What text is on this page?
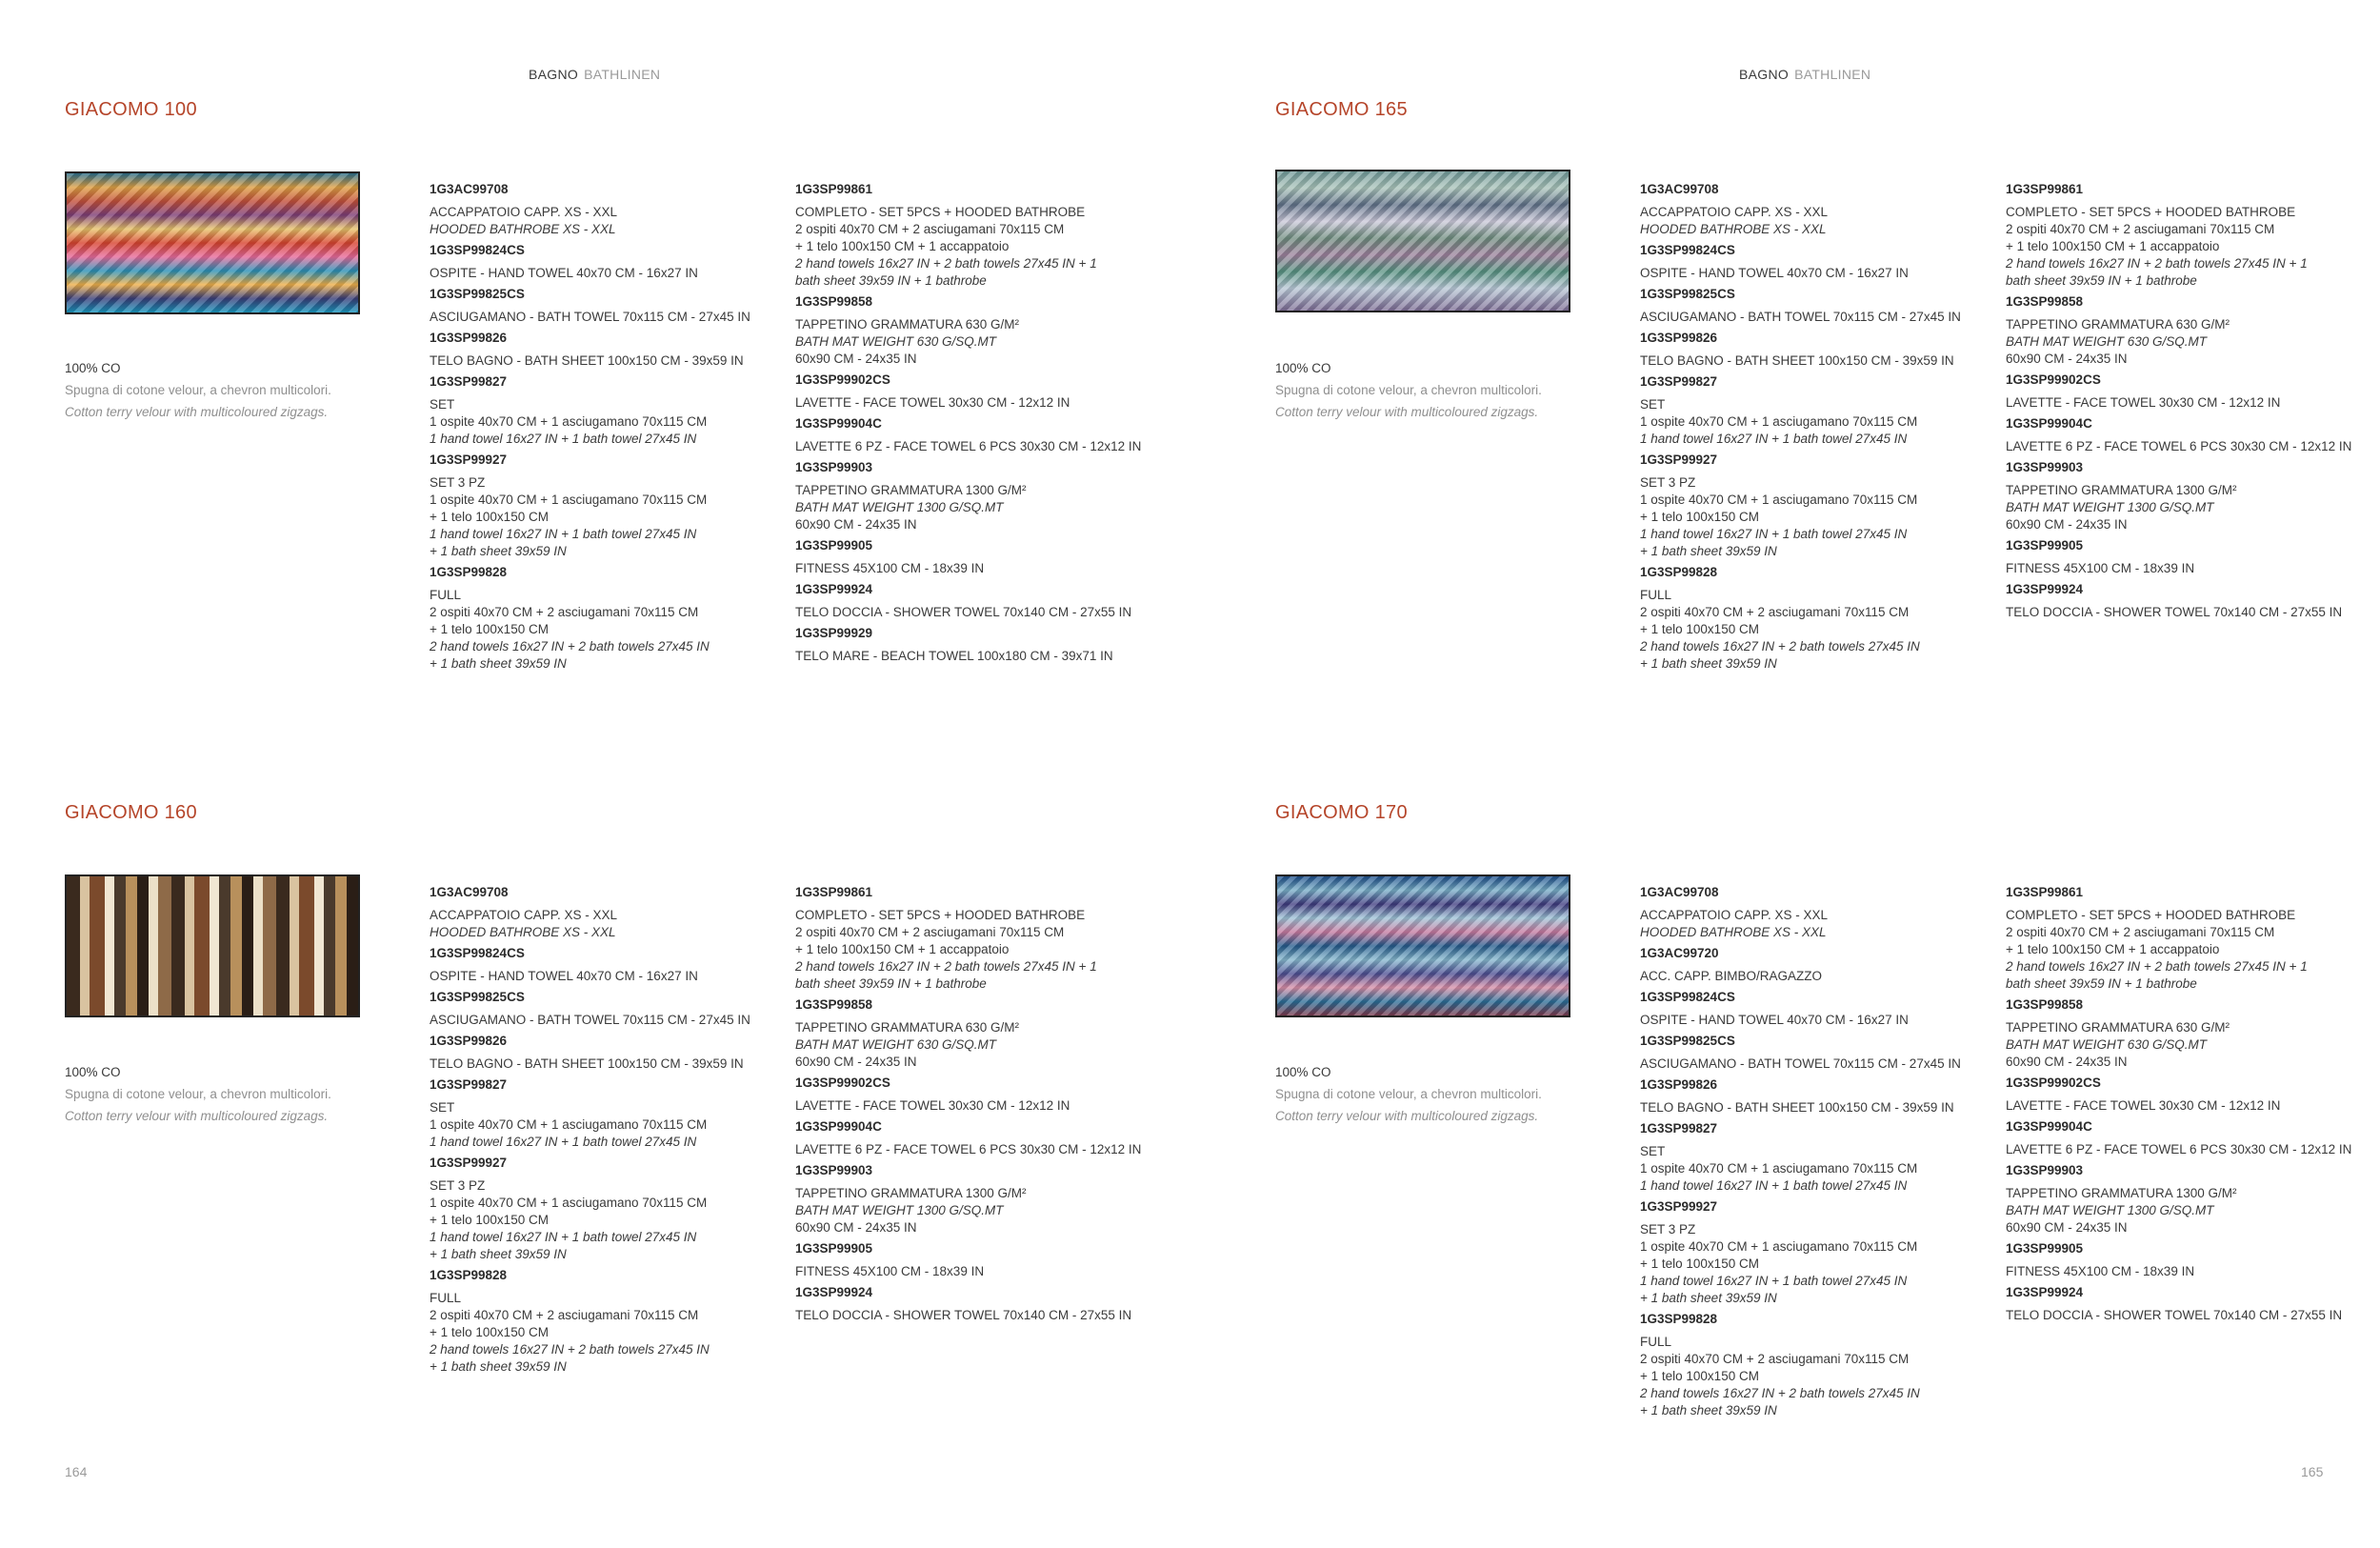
BAGNO BATHLINEN	BAGNO BATHLINEN
GIACOMO 100
100% CO
Spugna di cotone velour, a chevron multicolori.
Cotton terry velour with multicoloured zigzags.
1G3AC99708
ACCAPPATOIO CAPP. XS - XXL
HOODED BATHROBE XS - XXL
1G3SP99824CS
OSPITE - HAND TOWEL 40x70 CM - 16x27 IN
1G3SP99825CS
ASCIUGAMANO - BATH TOWEL 70x115 CM - 27x45 IN
1G3SP99826
TELO BAGNO - BATH SHEET 100x150 CM - 39x59 IN
1G3SP99827
SET
1 ospite 40x70 CM + 1 asciugamano 70x115 CM
1 hand towel 16x27 IN + 1 bath towel 27x45 IN
1G3SP99927
SET 3 PZ
1 ospite 40x70 CM + 1 asciugamano 70x115 CM
+ 1 telo 100x150 CM
1 hand towel 16x27 IN + 1 bath towel 27x45 IN
+ 1 bath sheet 39x59 IN
1G3SP99828
FULL
2 ospiti 40x70 CM + 2 asciugamani 70x115 CM
+ 1 telo 100x150 CM
2 hand towels 16x27 IN + 2 bath towels 27x45 IN
+ 1 bath sheet 39x59 IN
1G3SP99861
COMPLETO - SET 5PCS + HOODED BATHROBE
2 ospiti 40x70 CM + 2 asciugamani 70x115 CM
+ 1 telo 100x150 CM + 1 accappatoio
2 hand towels 16x27 IN + 2 bath towels 27x45 IN + 1
bath sheet 39x59 IN + 1 bathrobe
1G3SP99858
TAPPETINO GRAMMATURA 630 G/M²
BATH MAT WEIGHT 630 G/SQ.MT
60x90 CM - 24x35 IN
1G3SP99902CS
LAVETTE - FACE TOWEL 30x30 CM - 12x12 IN
1G3SP99904C
LAVETTE 6 PZ - FACE TOWEL 6 PCS 30x30 CM - 12x12 IN
1G3SP99903
TAPPETINO GRAMMATURA 1300 G/M²
BATH MAT WEIGHT 1300 G/SQ.MT
60x90 CM - 24x35 IN
1G3SP99905
FITNESS 45X100 CM - 18x39 IN
1G3SP99924
TELO DOCCIA - SHOWER TOWEL 70x140 CM - 27x55 IN
1G3SP99929
TELO MARE - BEACH TOWEL 100x180 CM - 39x71 IN
GIACOMO 165
100% CO
Spugna di cotone velour, a chevron multicolori.
Cotton terry velour with multicoloured zigzags.
1G3AC99708
ACCAPPATOIO CAPP. XS - XXL
HOODED BATHROBE XS - XXL
1G3SP99824CS
OSPITE - HAND TOWEL 40x70 CM - 16x27 IN
1G3SP99825CS
ASCIUGAMANO - BATH TOWEL 70x115 CM - 27x45 IN
1G3SP99826
TELO BAGNO - BATH SHEET 100x150 CM - 39x59 IN
1G3SP99827
SET
1 ospite 40x70 CM + 1 asciugamano 70x115 CM
1 hand towel 16x27 IN + 1 bath towel 27x45 IN
1G3SP99927
SET 3 PZ
1 ospite 40x70 CM + 1 asciugamano 70x115 CM
+ 1 telo 100x150 CM
1 hand towel 16x27 IN + 1 bath towel 27x45 IN
+ 1 bath sheet 39x59 IN
1G3SP99828
FULL
2 ospiti 40x70 CM + 2 asciugamani 70x115 CM
+ 1 telo 100x150 CM
2 hand towels 16x27 IN + 2 bath towels 27x45 IN
+ 1 bath sheet 39x59 IN
1G3SP99861
COMPLETO - SET 5PCS + HOODED BATHROBE
2 ospiti 40x70 CM + 2 asciugamani 70x115 CM
+ 1 telo 100x150 CM + 1 accappatoio
2 hand towels 16x27 IN + 2 bath towels 27x45 IN + 1
bath sheet 39x59 IN + 1 bathrobe
1G3SP99858
TAPPETINO GRAMMATURA 630 G/M²
BATH MAT WEIGHT 630 G/SQ.MT
60x90 CM - 24x35 IN
1G3SP99902CS
LAVETTE - FACE TOWEL 30x30 CM - 12x12 IN
1G3SP99904C
LAVETTE 6 PZ - FACE TOWEL 6 PCS 30x30 CM - 12x12 IN
1G3SP99903
TAPPETINO GRAMMATURA 1300 G/M²
BATH MAT WEIGHT 1300 G/SQ.MT
60x90 CM - 24x35 IN
1G3SP99905
FITNESS 45X100 CM - 18x39 IN
1G3SP99924
TELO DOCCIA - SHOWER TOWEL 70x140 CM - 27x55 IN
GIACOMO 160
100% CO
Spugna di cotone velour, a chevron multicolori.
Cotton terry velour with multicoloured zigzags.
1G3AC99708
ACCAPPATOIO CAPP. XS - XXL
HOODED BATHROBE XS - XXL
1G3SP99824CS
OSPITE - HAND TOWEL 40x70 CM - 16x27 IN
1G3SP99825CS
ASCIUGAMANO - BATH TOWEL 70x115 CM - 27x45 IN
1G3SP99826
TELO BAGNO - BATH SHEET 100x150 CM - 39x59 IN
1G3SP99827
SET
1 ospite 40x70 CM + 1 asciugamano 70x115 CM
1 hand towel 16x27 IN + 1 bath towel 27x45 IN
1G3SP99927
SET 3 PZ
1 ospite 40x70 CM + 1 asciugamano 70x115 CM
+ 1 telo 100x150 CM
1 hand towel 16x27 IN + 1 bath towel 27x45 IN
+ 1 bath sheet 39x59 IN
1G3SP99828
FULL
2 ospiti 40x70 CM + 2 asciugamani 70x115 CM
+ 1 telo 100x150 CM
2 hand towels 16x27 IN + 2 bath towels 27x45 IN
+ 1 bath sheet 39x59 IN
1G3SP99861
COMPLETO - SET 5PCS + HOODED BATHROBE
2 ospiti 40x70 CM + 2 asciugamani 70x115 CM
+ 1 telo 100x150 CM + 1 accappatoio
2 hand towels 16x27 IN + 2 bath towels 27x45 IN + 1
bath sheet 39x59 IN + 1 bathrobe
1G3SP99858
TAPPETINO GRAMMATURA 630 G/M²
BATH MAT WEIGHT 630 G/SQ.MT
60x90 CM - 24x35 IN
1G3SP99902CS
LAVETTE - FACE TOWEL 30x30 CM - 12x12 IN
1G3SP99904C
LAVETTE 6 PZ - FACE TOWEL 6 PCS 30x30 CM - 12x12 IN
1G3SP99903
TAPPETINO GRAMMATURA 1300 G/M²
BATH MAT WEIGHT 1300 G/SQ.MT
60x90 CM - 24x35 IN
1G3SP99905
FITNESS 45X100 CM - 18x39 IN
1G3SP99924
TELO DOCCIA - SHOWER TOWEL 70x140 CM - 27x55 IN
GIACOMO 170
100% CO
Spugna di cotone velour, a chevron multicolori.
Cotton terry velour with multicoloured zigzags.
1G3AC99708
ACCAPPATOIO CAPP. XS - XXL
HOODED BATHROBE XS - XXL
1G3AC99720
ACC. CAPP. BIMBO/RAGAZZO
1G3SP99824CS
OSPITE - HAND TOWEL 40x70 CM - 16x27 IN
1G3SP99825CS
ASCIUGAMANO - BATH TOWEL 70x115 CM - 27x45 IN
1G3SP99826
TELO BAGNO - BATH SHEET 100x150 CM - 39x59 IN
1G3SP99827
SET
1 ospite 40x70 CM + 1 asciugamano 70x115 CM
1 hand towel 16x27 IN + 1 bath towel 27x45 IN
1G3SP99927
SET 3 PZ
1 ospite 40x70 CM + 1 asciugamano 70x115 CM
+ 1 telo 100x150 CM
1 hand towel 16x27 IN + 1 bath towel 27x45 IN
+ 1 bath sheet 39x59 IN
1G3SP99828
FULL
2 ospiti 40x70 CM + 2 asciugamani 70x115 CM
+ 1 telo 100x150 CM
2 hand towels 16x27 IN + 2 bath towels 27x45 IN
+ 1 bath sheet 39x59 IN
1G3SP99861
COMPLETO - SET 5PCS + HOODED BATHROBE
2 ospiti 40x70 CM + 2 asciugamani 70x115 CM
+ 1 telo 100x150 CM + 1 accappatoio
2 hand towels 16x27 IN + 2 bath towels 27x45 IN + 1
bath sheet 39x59 IN + 1 bathrobe
1G3SP99858
TAPPETINO GRAMMATURA 630 G/M²
BATH MAT WEIGHT 630 G/SQ.MT
60x90 CM - 24x35 IN
1G3SP99902CS
LAVETTE - FACE TOWEL 30x30 CM - 12x12 IN
1G3SP99904C
LAVETTE 6 PZ - FACE TOWEL 6 PCS 30x30 CM - 12x12 IN
1G3SP99903
TAPPETINO GRAMMATURA 1300 G/M²
BATH MAT WEIGHT 1300 G/SQ.MT
60x90 CM - 24x35 IN
1G3SP99905
FITNESS 45X100 CM - 18x39 IN
1G3SP99924
TELO DOCCIA - SHOWER TOWEL 70x140 CM - 27x55 IN
164	165
